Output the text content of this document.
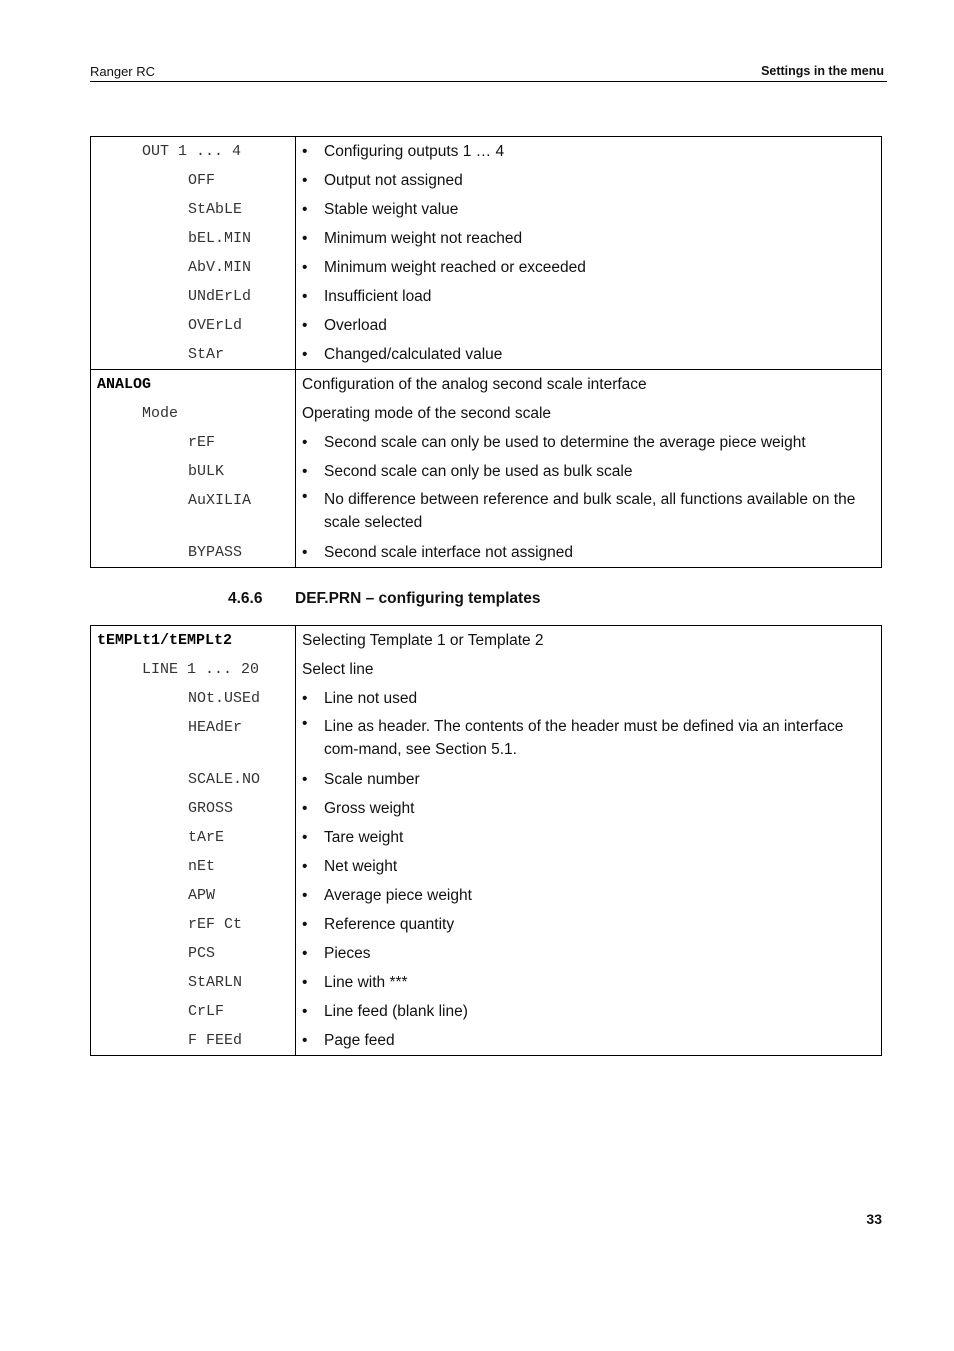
Ranger RC	Settings in the menu
OUT 1 ... 4	• Configuring outputs 1 … 4

OFF	• Output not assigned

StAbLE	• Stable weight value

bEL.MIN	• Minimum weight not reached

AbV.MIN	• Minimum weight reached or exceeded

UNdErLd	• Insufficient load

OVErLd	• Overload

StAr	• Changed/calculated value

ANALOG	Configuration of the analog second scale interface

Mode	Operating mode of the second scale

rEF	• Second scale can only be used to determine the average piece weight

bULK	• Second scale can only be used as bulk scale

AuXILIA	• No difference between reference and bulk scale, all functions available on the scale selected

BYPASS	• Second scale interface not assigned
4.6.6 DEF.PRN – configuring templates
tEMPLt1/tEMPLt2	Selecting Template 1 or Template 2

LINE 1 ... 20	Select line

NOt.USEd	• Line not used

HEAdEr	• Line as header. The contents of the header must be defined via an interface com-mand, see Section 5.1.

SCALE.NO	• Scale number

GROSS	• Gross weight

tArE	• Tare weight

nEt	• Net weight

APW	• Average piece weight

rEF Ct	• Reference quantity

PCS	• Pieces

StARLN	• Line with ***

CrLF	• Line feed (blank line)

F FEEd	• Page feed
33
